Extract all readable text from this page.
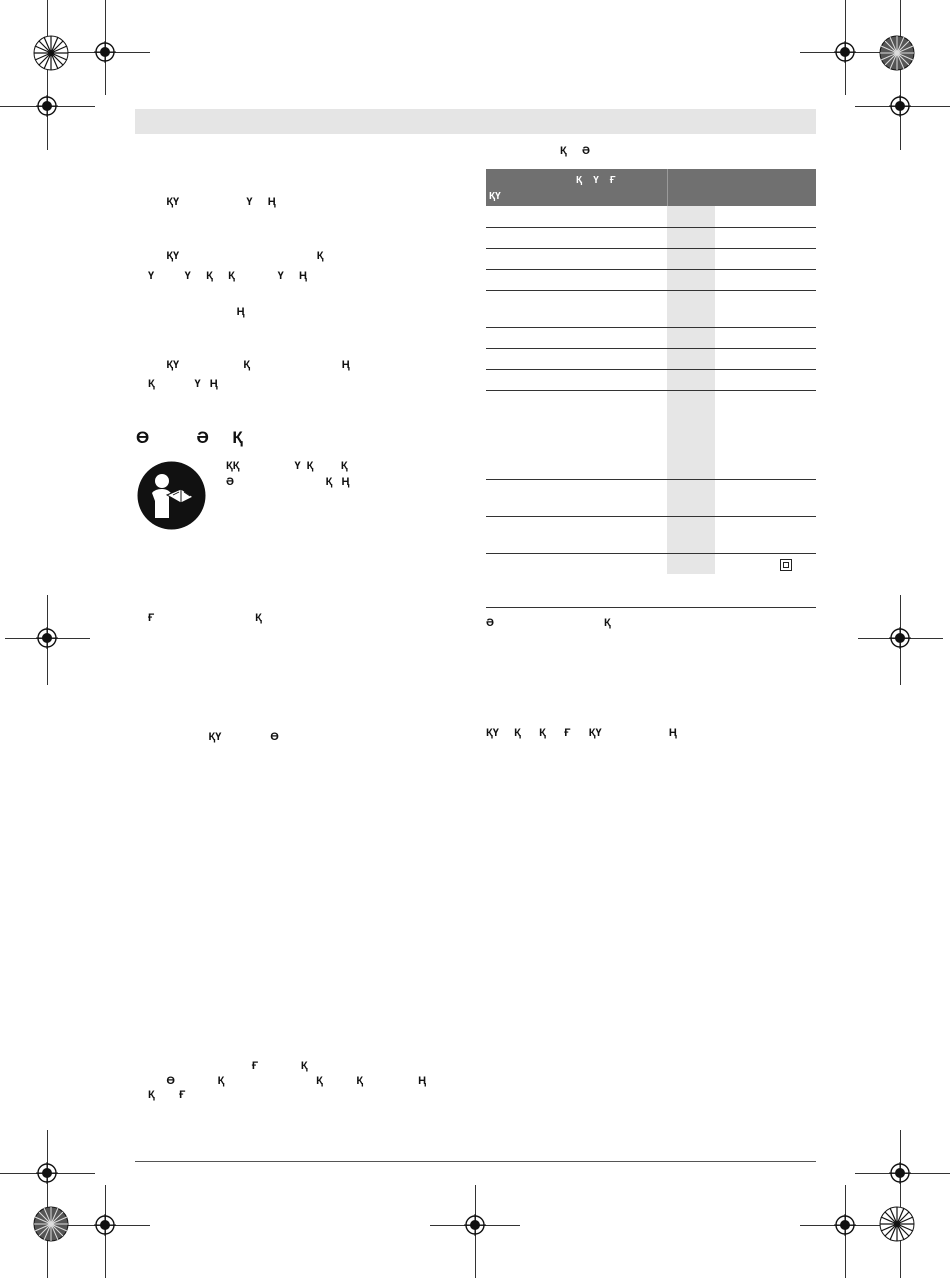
ҚҮ                      Ү     Ң
ҚҮ                                             Қ
Ү          Ү     Қ     Қ              Ү     Ң
Ң
ҚҮ                     Қ                              Ң
Қ             Ү   Ң
Ө          Ә     Қ
ҚҚ                  Ү  Қ         Қ
Ә                              Қ   Ң
Ғ                                 Қ
ҚҮ                Ө
Ғ              Қ
Ө              Қ                              Қ           Қ                  Ң
Қ        Ғ
Қ     Ә
Қ    Ү    Ғ
ҚҮ
Ә                                    Қ
ҚҮ     Қ      Қ      Ғ      ҚҮ                      Ң
